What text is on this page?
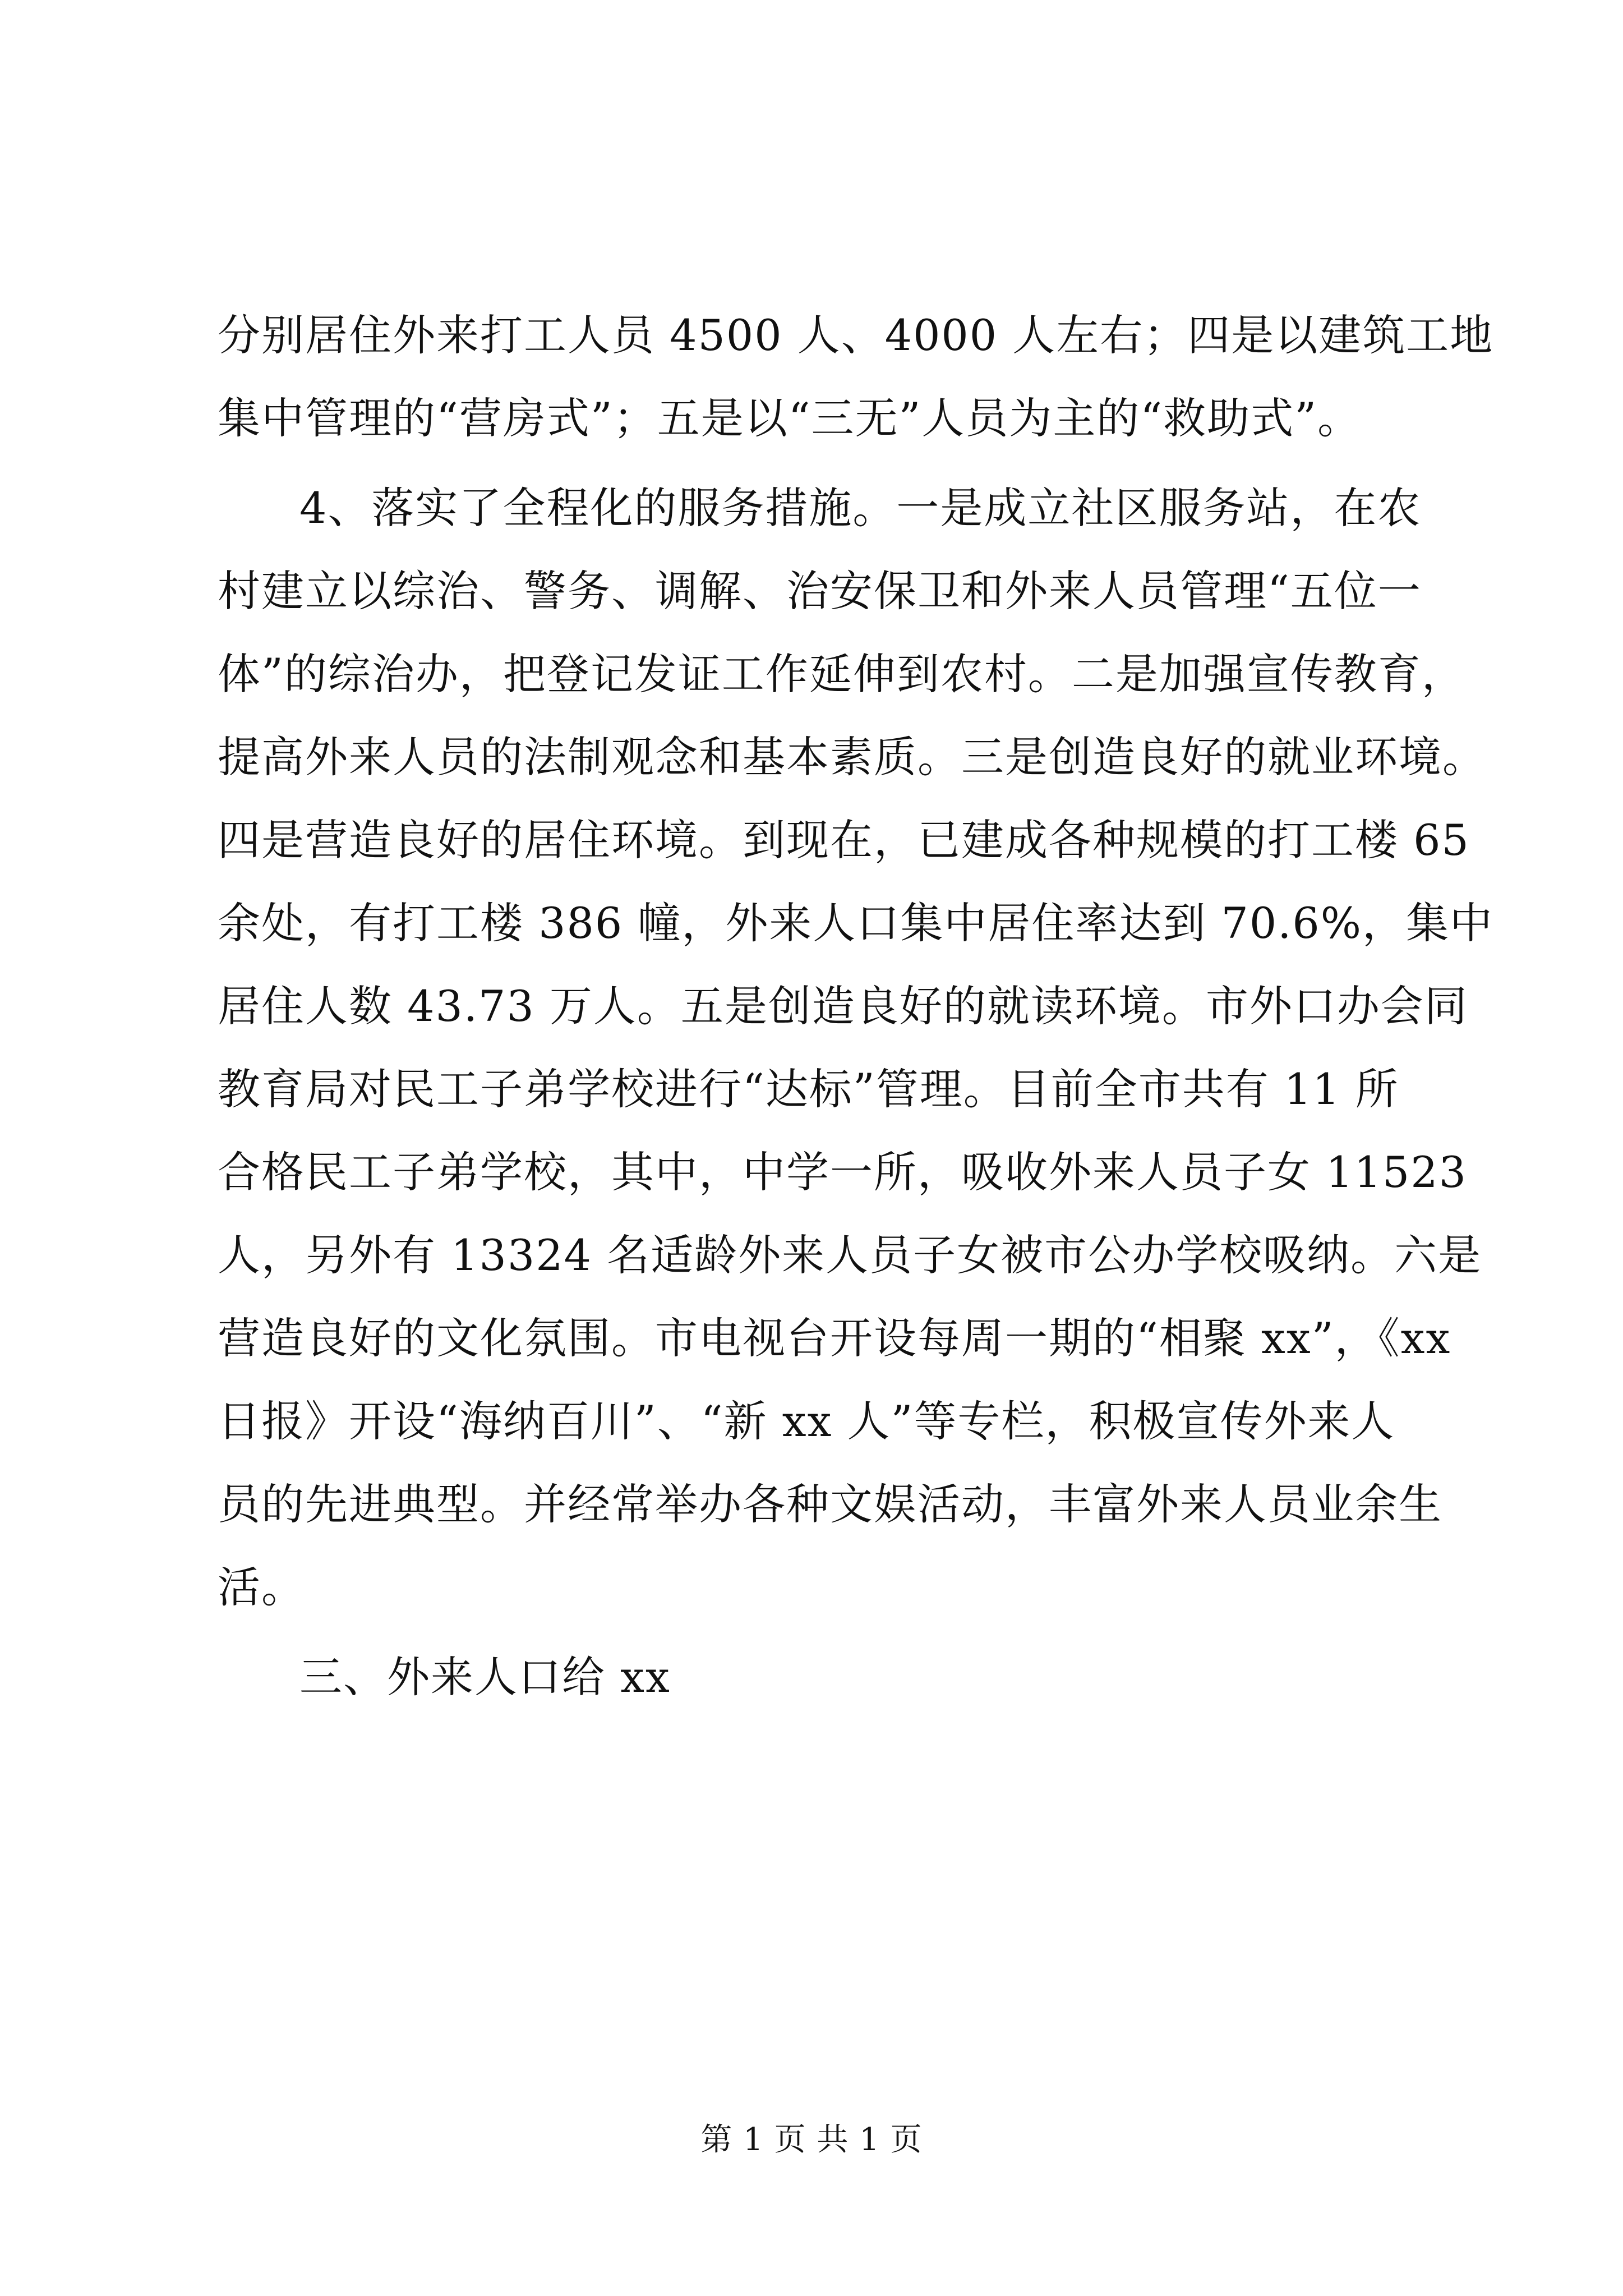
分别居住外来打工人员 4500 人、4000 人左右；四是以建筑工地
集中管理的“营房式”；五是以“三无”人员为主的“救助式”。
4、落实了全程化的服务措施。一是成立社区服务站，在农
村建立以综治、警务、调解、治安保卫和外来人员管理“五位一
体”的综治办，把登记发证工作延伸到农村。二是加强宣传教育，
提高外来人员的法制观念和基本素质。三是创造良好的就业环境。
四是营造良好的居住环境。到现在，已建成各种规模的打工楼 65
余处，有打工楼 386 幢，外来人口集中居住率达到 70.6%，集中
居住人数 43.73 万人。五是创造良好的就读环境。市外口办会同
教育局对民工子弟学校进行“达标”管理。目前全市共有 11 所
合格民工子弟学校，其中，中学一所，吸收外来人员子女 11523
人，另外有 13324 名适龄外来人员子女被市公办学校吸纳。六是
营造良好的文化氛围。市电视台开设每周一期的“相聚 xx”，《xx
日报》开设“海纳百川”、“新 xx 人”等专栏，积极宣传外来人
员的先进典型。并经常举办各种文娱活动，丰富外来人员业余生
活。
三、外来人口给 xx
第 1 页 共 1 页
